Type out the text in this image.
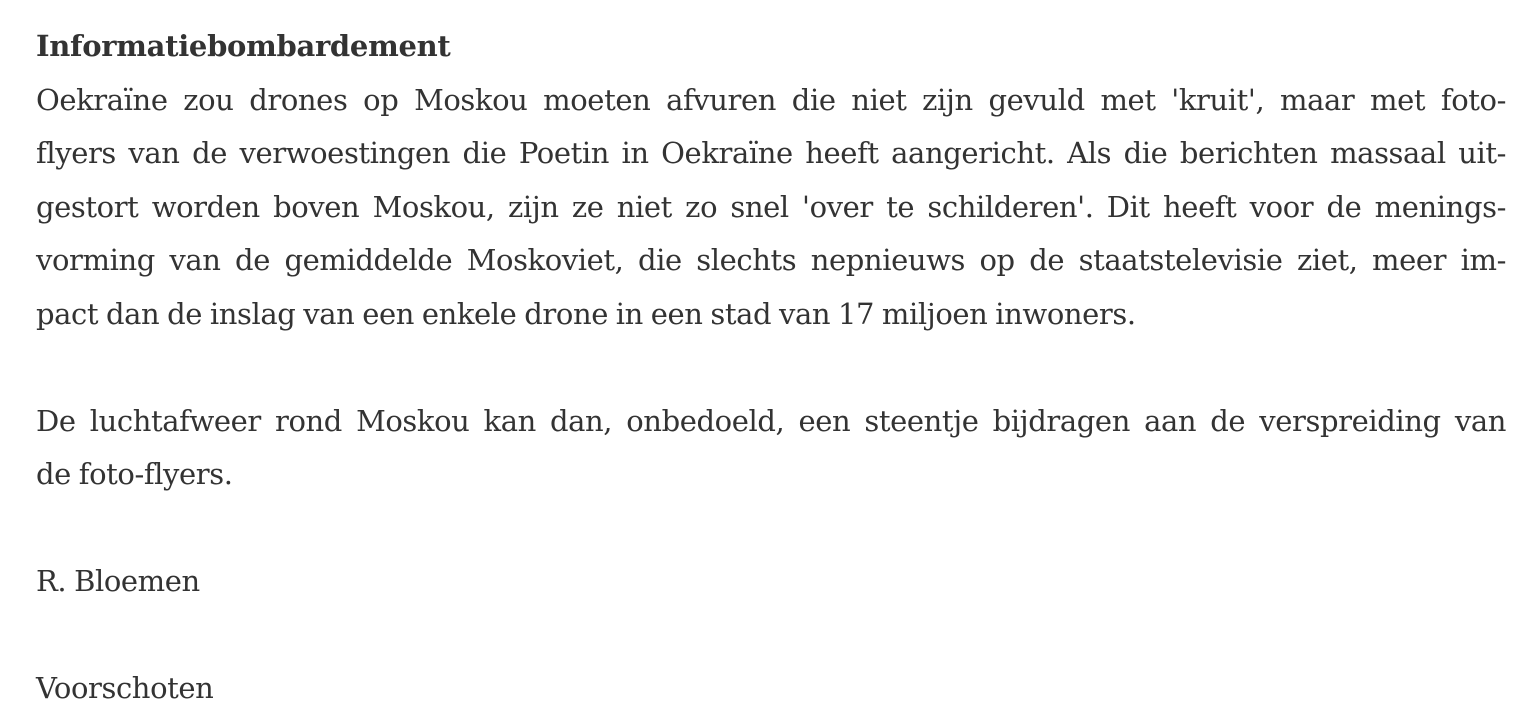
Informatiebombardement
Oekraïne zou drones op Moskou moeten afvuren die niet zijn gevuld met 'kruit', maar met foto-
flyers van de verwoestingen die Poetin in Oekraïne heeft aangericht. Als die berichten massaal uit-
gestort worden boven Moskou, zijn ze niet zo snel 'over te schilderen'. Dit heeft voor de menings-
vorming van de gemiddelde Moskoviet, die slechts nepnieuws op de staatstelevisie ziet, meer im-
pact dan de inslag van een enkele drone in een stad van 17 miljoen inwoners.
De luchtafweer rond Moskou kan dan, onbedoeld, een steentje bijdragen aan de verspreiding van
de foto-flyers.

R. Bloemen

Voorschoten
